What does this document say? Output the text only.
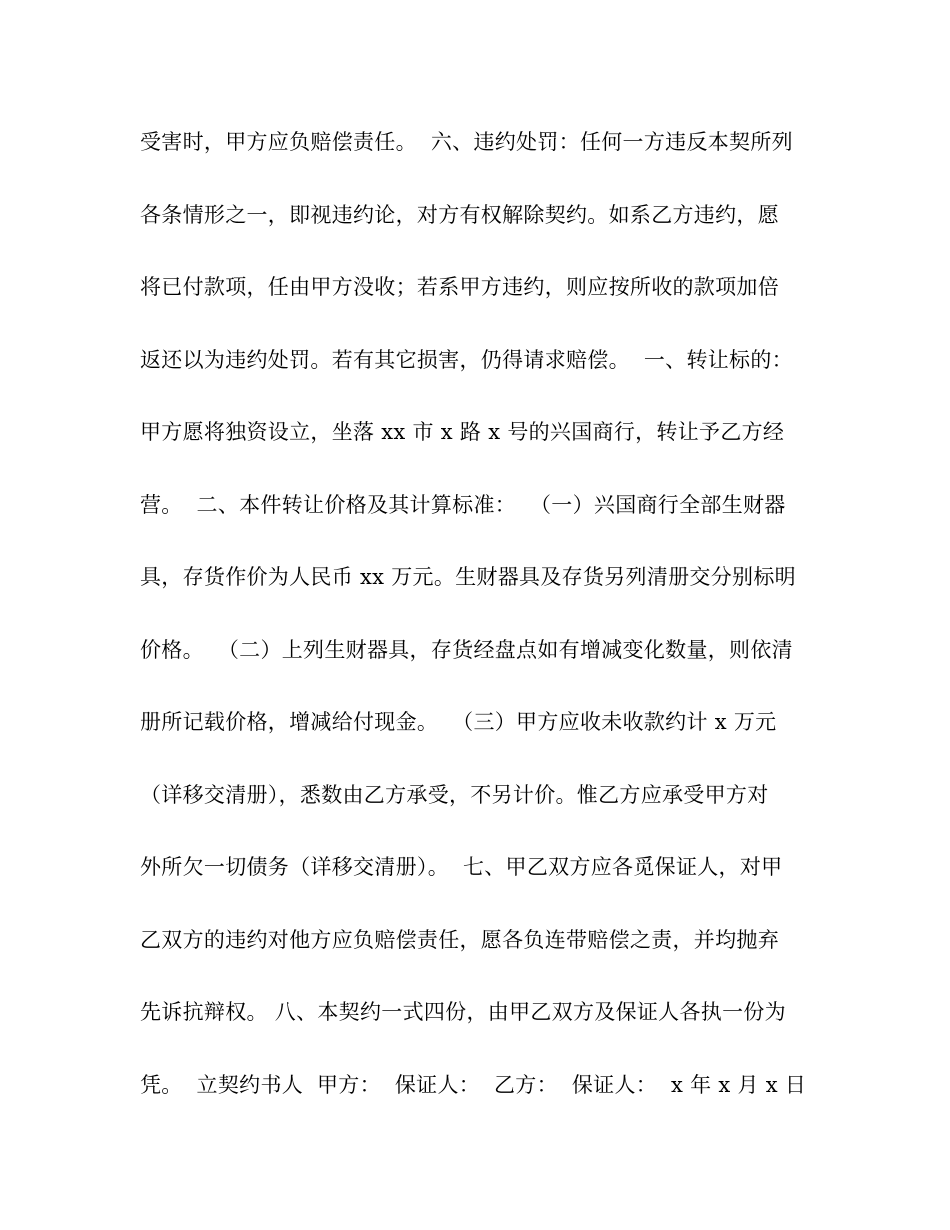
受害时，甲方应负赔偿责任。  六、违约处罚：任何一方违反本契所列
各条情形之一，即视违约论，对方有权解除契约。如系乙方违约，愿
将已付款项，任由甲方没收；若系甲方违约，则应按所收的款项加倍
返还以为违约处罚。若有其它损害，仍得请求赔偿。  一、转让标的：
甲方愿将独资设立，坐落 xx 市 x 路 x 号的兴国商行，转让予乙方经
营。  二、本件转让价格及其计算标准：  （一）兴国商行全部生财器
具，存货作价为人民币 xx 万元。生财器具及存货另列清册交分别标明
价格。  （二）上列生财器具，存货经盘点如有增减变化数量，则依清
册所记载价格，增减给付现金。  （三）甲方应收未收款约计 x 万元
（详移交清册），悉数由乙方承受，不另计价。惟乙方应承受甲方对
外所欠一切债务（详移交清册）。  七、甲乙双方应各觅保证人，对甲
乙双方的违约对他方应负赔偿责任，愿各负连带赔偿之责，并均抛弃
先诉抗辩权。 八、本契约一式四份，由甲乙双方及保证人各执一份为
凭。  立契约书人  甲方：  保证人：  乙方：  保证人：  x 年 x 月 x 日
